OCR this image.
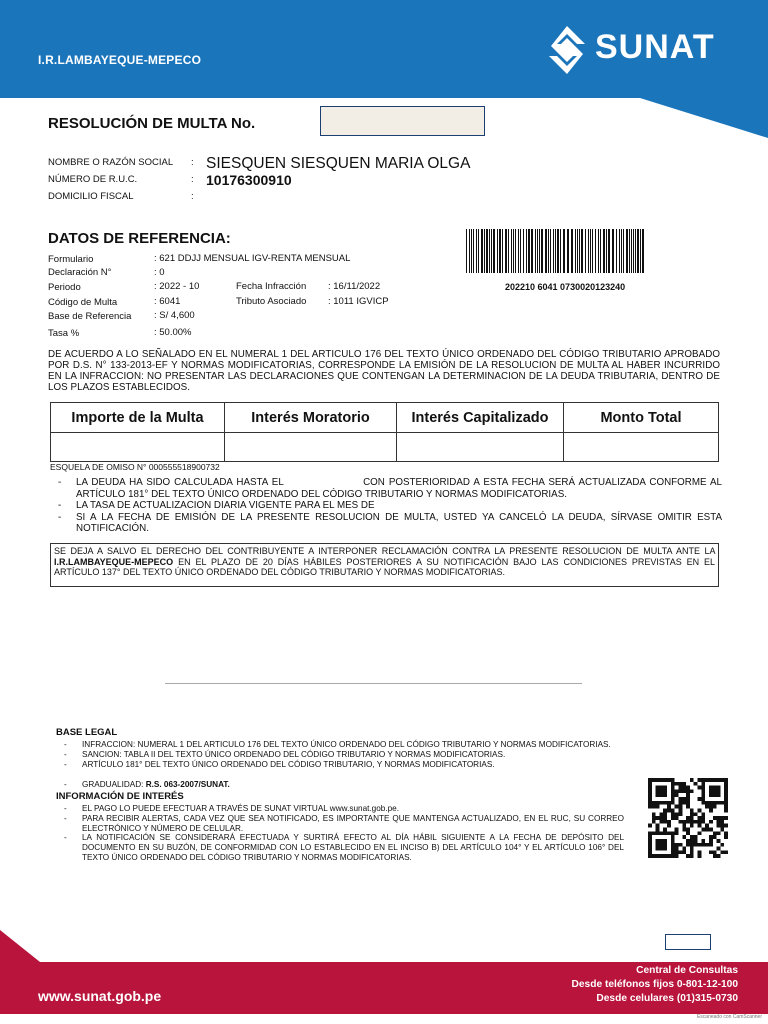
I.R.LAMBAYEQUE-MEPECO	SUNAT
RESOLUCIÓN DE MULTA No.
NOMBRE O RAZÓN SOCIAL : SIESQUEN SIESQUEN MARIA OLGA
NÚMERO DE R.U.C.	: 10176300910
DOMICILIO FISCAL	:
DATOS DE REFERENCIA:
Formulario	: 621 DDJJ MENSUAL IGV-RENTA MENSUAL
Declaración N°	: 0
Periodo	: 2022 - 10	Fecha Infracción : 16/11/2022
Código de Multa	: 6041	Tributo Asociado : 1011 IGVICP
Base de Referencia : S/ 4,600
Tasa %	: 50.00%
202210 6041 0730020123240
DE ACUERDO A LO SEÑALADO EN EL NUMERAL 1 DEL ARTICULO 176 DEL TEXTO ÚNICO ORDENADO DEL CÓDIGO TRIBUTARIO APROBADO POR D.S. N° 133-2013-EF Y NORMAS MODIFICATORIAS, CORRESPONDE LA EMISIÓN DE LA RESOLUCION DE MULTA AL HABER INCURRIDO EN LA INFRACCION: NO PRESENTAR LAS DECLARACIONES QUE CONTENGAN LA DETERMINACION DE LA DEUDA TRIBUTARIA, DENTRO DE LOS PLAZOS ESTABLECIDOS.
Importe de la Multa	Interés Moratorio	Interés Capitalizado	Monto Total

ESQUELA DE OMISO N° 000555518900732
- LA DEUDA HA SIDO CALCULADA HASTA EL                    CON POSTERIORIDAD A ESTA FECHA SERÁ ACTUALIZADA CONFORME AL ARTÍCULO 181° DEL TEXTO ÚNICO ORDENADO DEL CÓDIGO TRIBUTARIO Y NORMAS MODIFICATORIAS.
- LA TASA DE ACTUALIZACION DIARIA VIGENTE PARA EL MES DE
- SI A LA FECHA DE EMISIÓN DE LA PRESENTE RESOLUCION DE MULTA, USTED YA CANCELÓ LA DEUDA, SÍRVASE OMITIR ESTA NOTIFICACIÓN.
SE DEJA A SALVO EL DERECHO DEL CONTRIBUYENTE A INTERPONER RECLAMACIÓN CONTRA LA PRESENTE RESOLUCION DE MULTA ANTE LA I.R.LAMBAYEQUE-MEPECO EN EL PLAZO DE 20 DÍAS HÁBILES POSTERIORES A SU NOTIFICACIÓN BAJO LAS CONDICIONES PREVISTAS EN EL ARTÍCULO 137° DEL TEXTO ÚNICO ORDENADO DEL CÓDIGO TRIBUTARIO Y NORMAS MODIFICATORIAS.
BASE LEGAL
- INFRACCION: NUMERAL 1 DEL ARTICULO 176 DEL TEXTO ÚNICO ORDENADO DEL CÓDIGO TRIBUTARIO Y NORMAS MODIFICATORIAS.
- SANCION: TABLA II DEL TEXTO ÚNICO ORDENADO DEL CÓDIGO TRIBUTARIO Y NORMAS MODIFICATORIAS.
- ARTÍCULO 181° DEL TEXTO ÚNICO ORDENADO DEL CÓDIGO TRIBUTARIO, Y NORMAS MODIFICATORIAS.
- GRADUALIDAD: R.S. 063-2007/SUNAT.
INFORMACIÓN DE INTERÉS
- EL PAGO LO PUEDE EFECTUAR A TRAVÉS DE SUNAT VIRTUAL www.sunat.gob.pe.
- PARA RECIBIR ALERTAS, CADA VEZ QUE SEA NOTIFICADO, ES IMPORTANTE QUE MANTENGA ACTUALIZADO, EN EL RUC, SU CORREO ELECTRÓNICO Y NÚMERO DE CELULAR.
- LA NOTIFICACIÓN SE CONSIDERARÁ EFECTUADA Y SURTIRÁ EFECTO AL DÍA HÁBIL SIGUIENTE A LA FECHA DE DEPÓSITO DEL DOCUMENTO EN SU BUZÓN, DE CONFORMIDAD CON LO ESTABLECIDO EN EL INCISO B) DEL ARTÍCULO 104° Y EL ARTÍCULO 106° DEL TEXTO ÚNICO ORDENADO DEL CÓDIGO TRIBUTARIO Y NORMAS MODIFICATORIAS.
www.sunat.gob.pe
Central de Consultas
Desde teléfonos fijos 0-801-12-100
Desde celulares (01)315-0730
Escaneado con CamScanner
